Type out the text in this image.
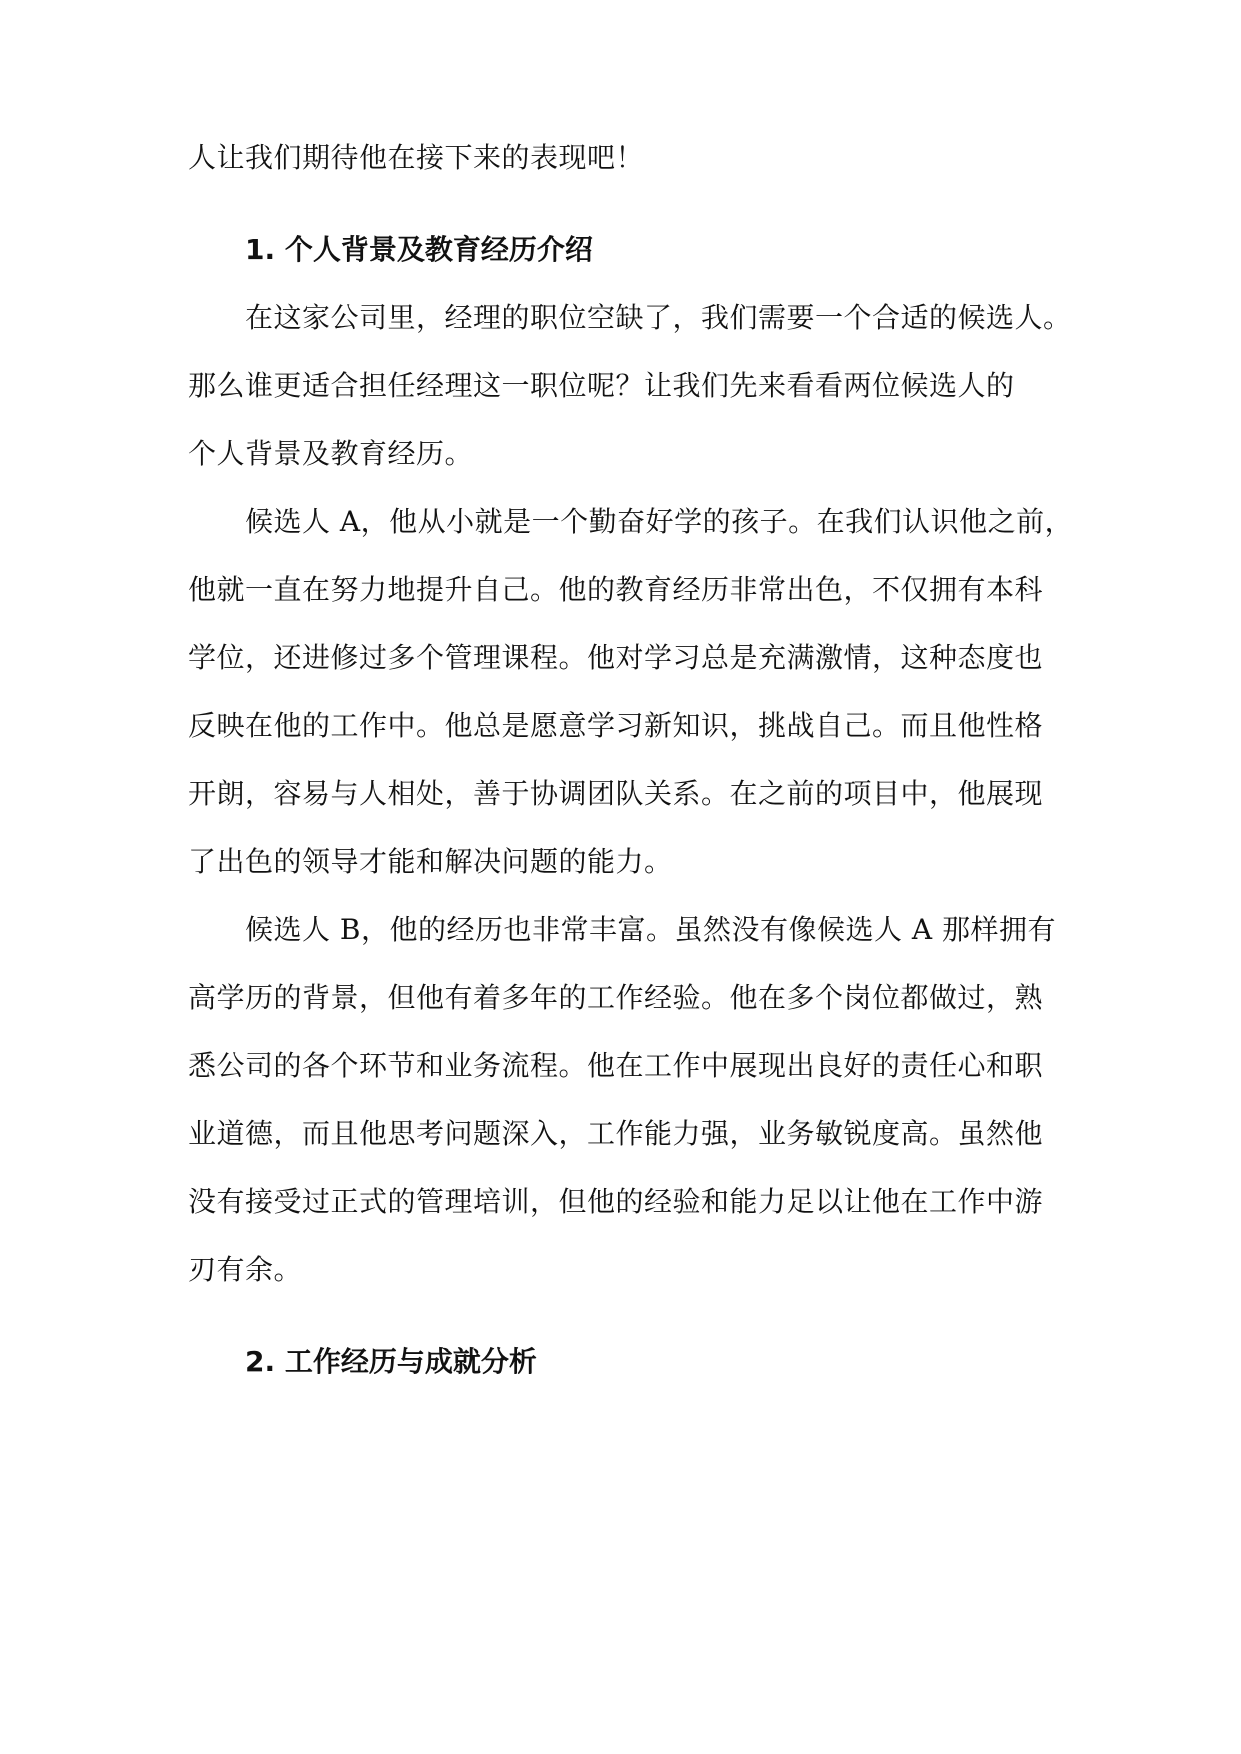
人让我们期待他在接下来的表现吧！
1. 个人背景及教育经历介绍
在这家公司里，经理的职位空缺了，我们需要一个合适的候选人。
那么谁更适合担任经理这一职位呢？让我们先来看看两位候选人的
个人背景及教育经历。
候选人 A，他从小就是一个勤奋好学的孩子。在我们认识他之前，
他就一直在努力地提升自己。他的教育经历非常出色，不仅拥有本科
学位，还进修过多个管理课程。他对学习总是充满激情，这种态度也
反映在他的工作中。他总是愿意学习新知识，挑战自己。而且他性格
开朗，容易与人相处，善于协调团队关系。在之前的项目中，他展现
了出色的领导才能和解决问题的能力。
候选人 B，他的经历也非常丰富。虽然没有像候选人 A 那样拥有
高学历的背景，但他有着多年的工作经验。他在多个岗位都做过，熟
悉公司的各个环节和业务流程。他在工作中展现出良好的责任心和职
业道德，而且他思考问题深入，工作能力强，业务敏锐度高。虽然他
没有接受过正式的管理培训，但他的经验和能力足以让他在工作中游
刃有余。
2. 工作经历与成就分析
